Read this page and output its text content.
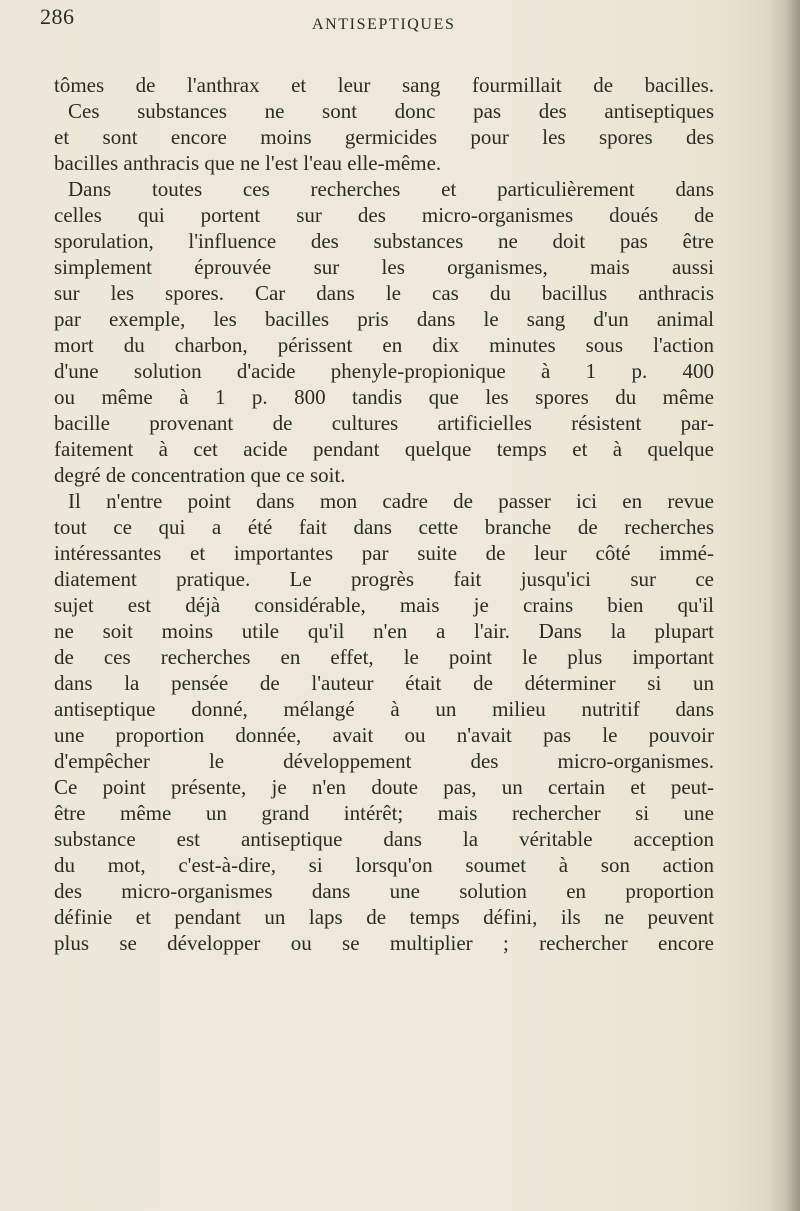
286	ANTISEPTIQUES
tômes de l'anthrax et leur sang fourmillait de bacilles.
Ces substances ne sont donc pas des antiseptiques
et sont encore moins germicides pour les spores des
bacilles anthracis que ne l'est l'eau elle-même.
Dans toutes ces recherches et particulièrement dans
celles qui portent sur des micro-organismes doués de
sporulation, l'influence des substances ne doit pas être
simplement éprouvée sur les organismes, mais aussi
sur les spores. Car dans le cas du bacillus anthracis
par exemple, les bacilles pris dans le sang d'un animal
mort du charbon, périssent en dix minutes sous l'action
d'une solution d'acide phenyle-propionique à 1 p. 400
ou même à 1 p. 800 tandis que les spores du même
bacille provenant de cultures artificielles résistent par-
faitement à cet acide pendant quelque temps et à quelque
degré de concentration que ce soit.
Il n'entre point dans mon cadre de passer ici en revue
tout ce qui a été fait dans cette branche de recherches
intéressantes et importantes par suite de leur côté immé-
diatement pratique. Le progrès fait jusqu'ici sur ce
sujet est déjà considérable, mais je crains bien qu'il
ne soit moins utile qu'il n'en a l'air. Dans la plupart
de ces recherches en effet, le point le plus important
dans la pensée de l'auteur était de déterminer si un
antiseptique donné, mélangé à un milieu nutritif dans
une proportion donnée, avait ou n'avait pas le pouvoir
d'empêcher le développement des micro-organismes.
Ce point présente, je n'en doute pas, un certain et peut-
être même un grand intérêt; mais rechercher si une
substance est antiseptique dans la véritable acception
du mot, c'est-à-dire, si lorsqu'on soumet à son action
des micro-organismes dans une solution en proportion
définie et pendant un laps de temps défini, ils ne peuvent
plus se développer ou se multiplier ; rechercher encore
